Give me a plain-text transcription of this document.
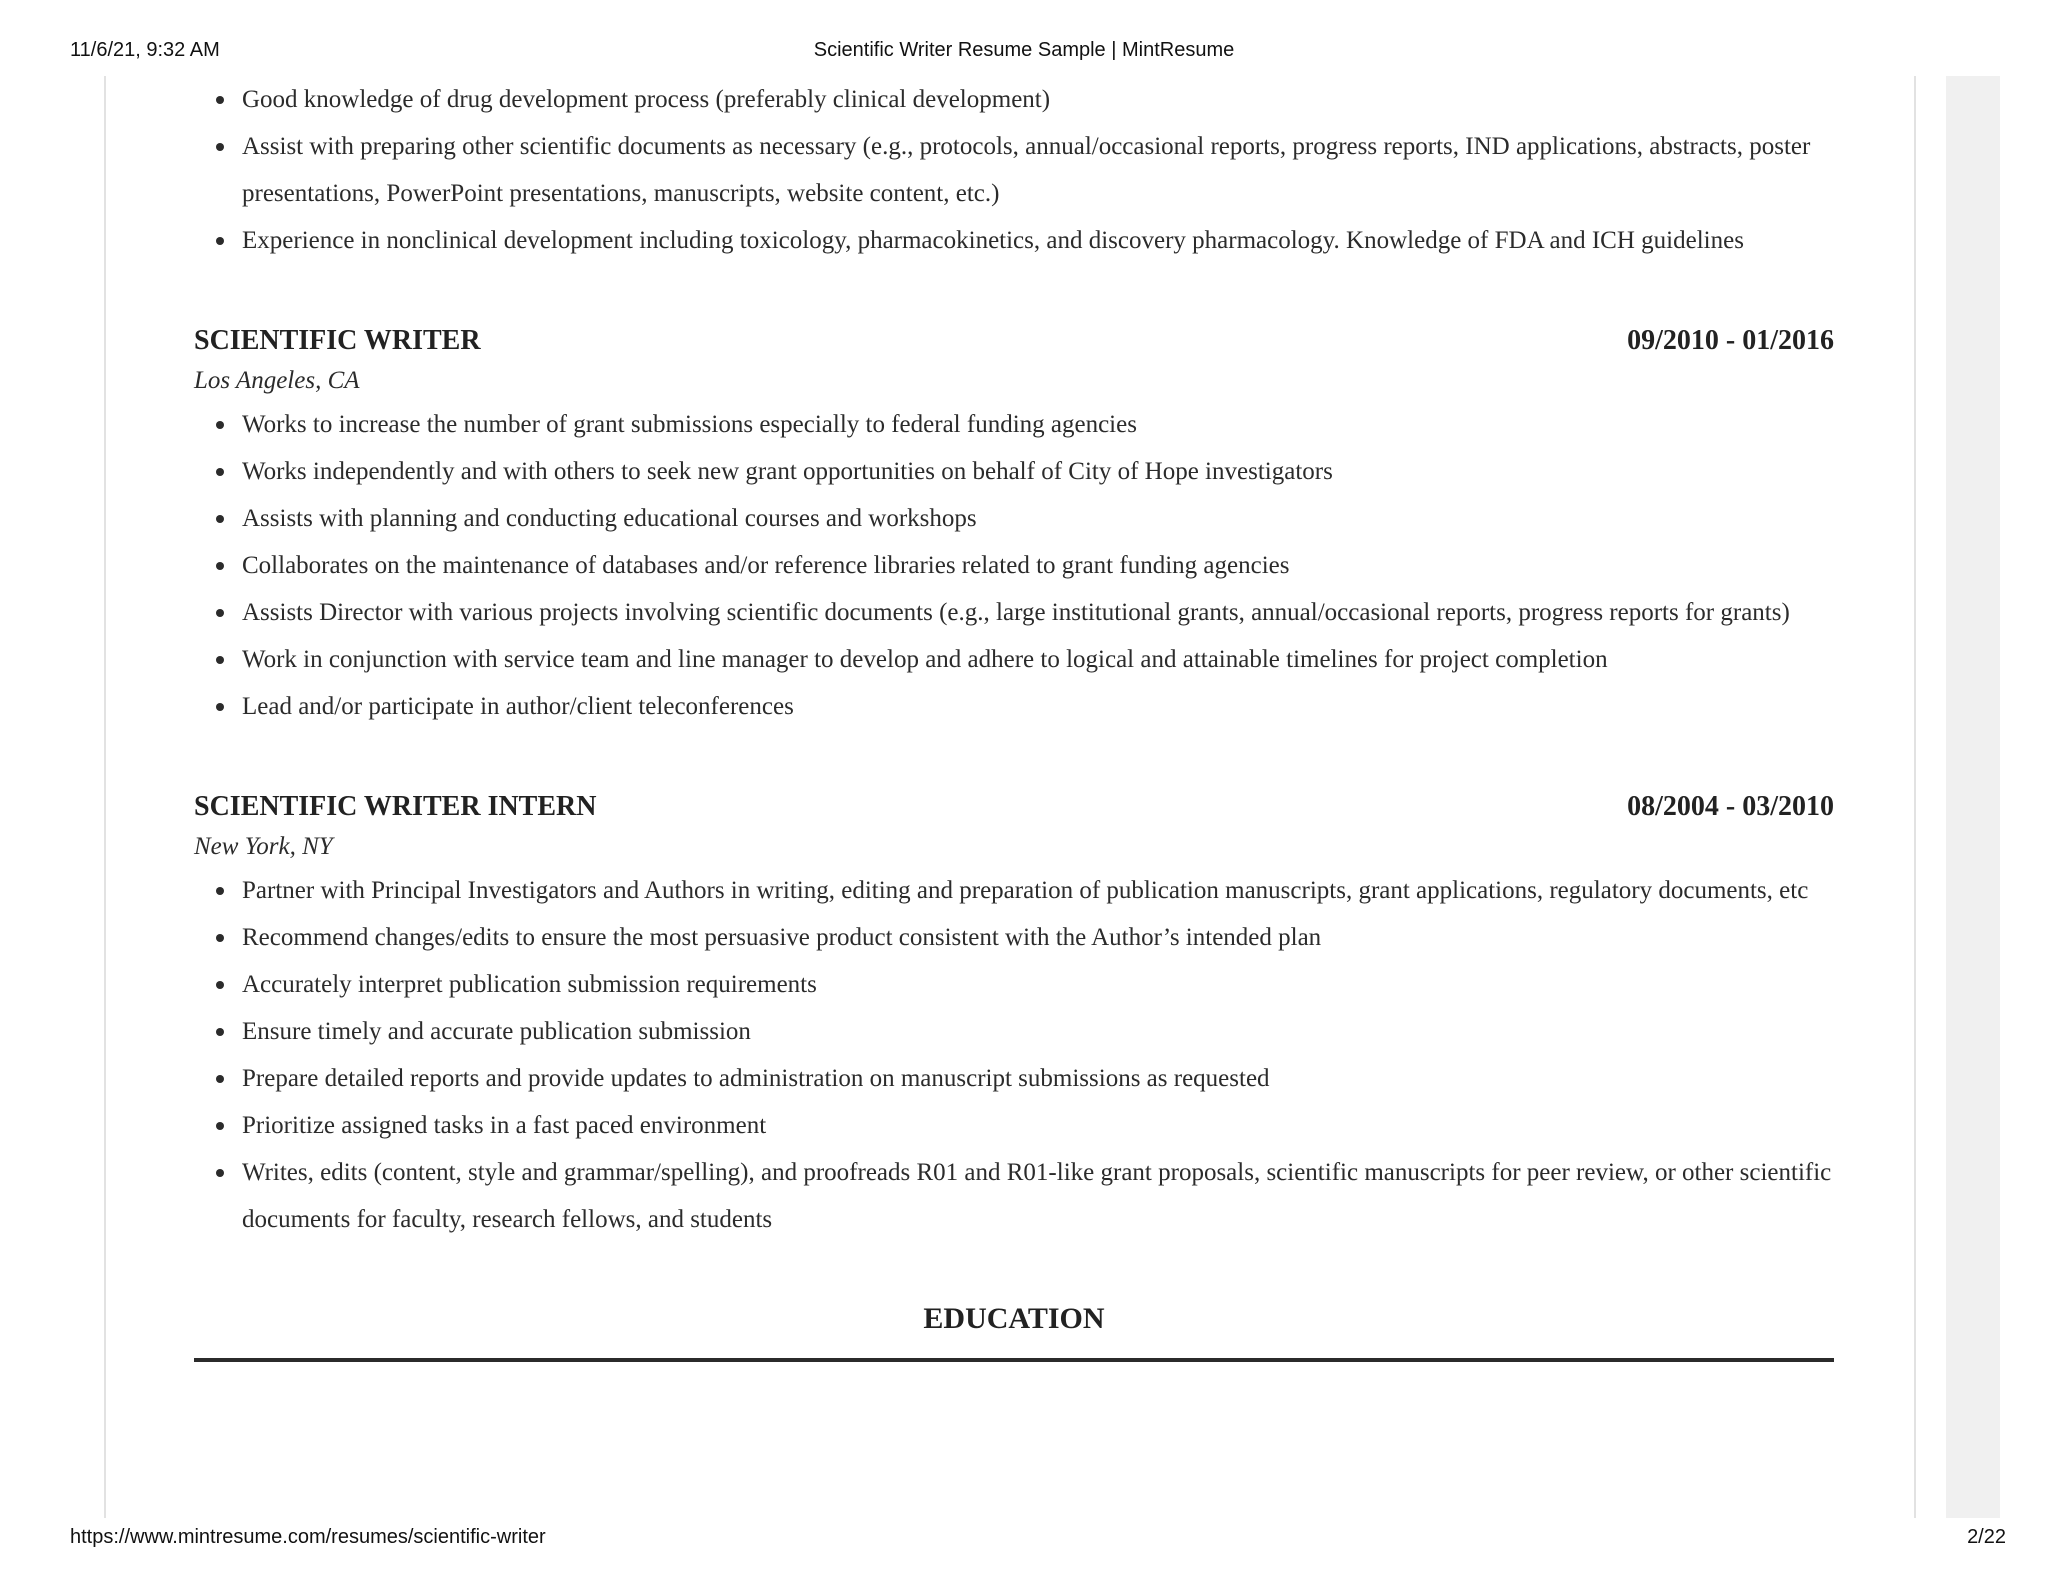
11/6/21, 9:32 AM	Scientific Writer Resume Sample | MintResume
Good knowledge of drug development process (preferably clinical development)
Assist with preparing other scientific documents as necessary (e.g., protocols, annual/occasional reports, progress reports, IND applications, abstracts, poster presentations, PowerPoint presentations, manuscripts, website content, etc.)
Experience in nonclinical development including toxicology, pharmacokinetics, and discovery pharmacology. Knowledge of FDA and ICH guidelines
SCIENTIFIC WRITER	09/2010 - 01/2016
Los Angeles, CA
Works to increase the number of grant submissions especially to federal funding agencies
Works independently and with others to seek new grant opportunities on behalf of City of Hope investigators
Assists with planning and conducting educational courses and workshops
Collaborates on the maintenance of databases and/or reference libraries related to grant funding agencies
Assists Director with various projects involving scientific documents (e.g., large institutional grants, annual/occasional reports, progress reports for grants)
Work in conjunction with service team and line manager to develop and adhere to logical and attainable timelines for project completion
Lead and/or participate in author/client teleconferences
SCIENTIFIC WRITER INTERN	08/2004 - 03/2010
New York, NY
Partner with Principal Investigators and Authors in writing, editing and preparation of publication manuscripts, grant applications, regulatory documents, etc
Recommend changes/edits to ensure the most persuasive product consistent with the Author’s intended plan
Accurately interpret publication submission requirements
Ensure timely and accurate publication submission
Prepare detailed reports and provide updates to administration on manuscript submissions as requested
Prioritize assigned tasks in a fast paced environment
Writes, edits (content, style and grammar/spelling), and proofreads R01 and R01-like grant proposals, scientific manuscripts for peer review, or other scientific documents for faculty, research fellows, and students
EDUCATION
https://www.mintresume.com/resumes/scientific-writer	2/22
